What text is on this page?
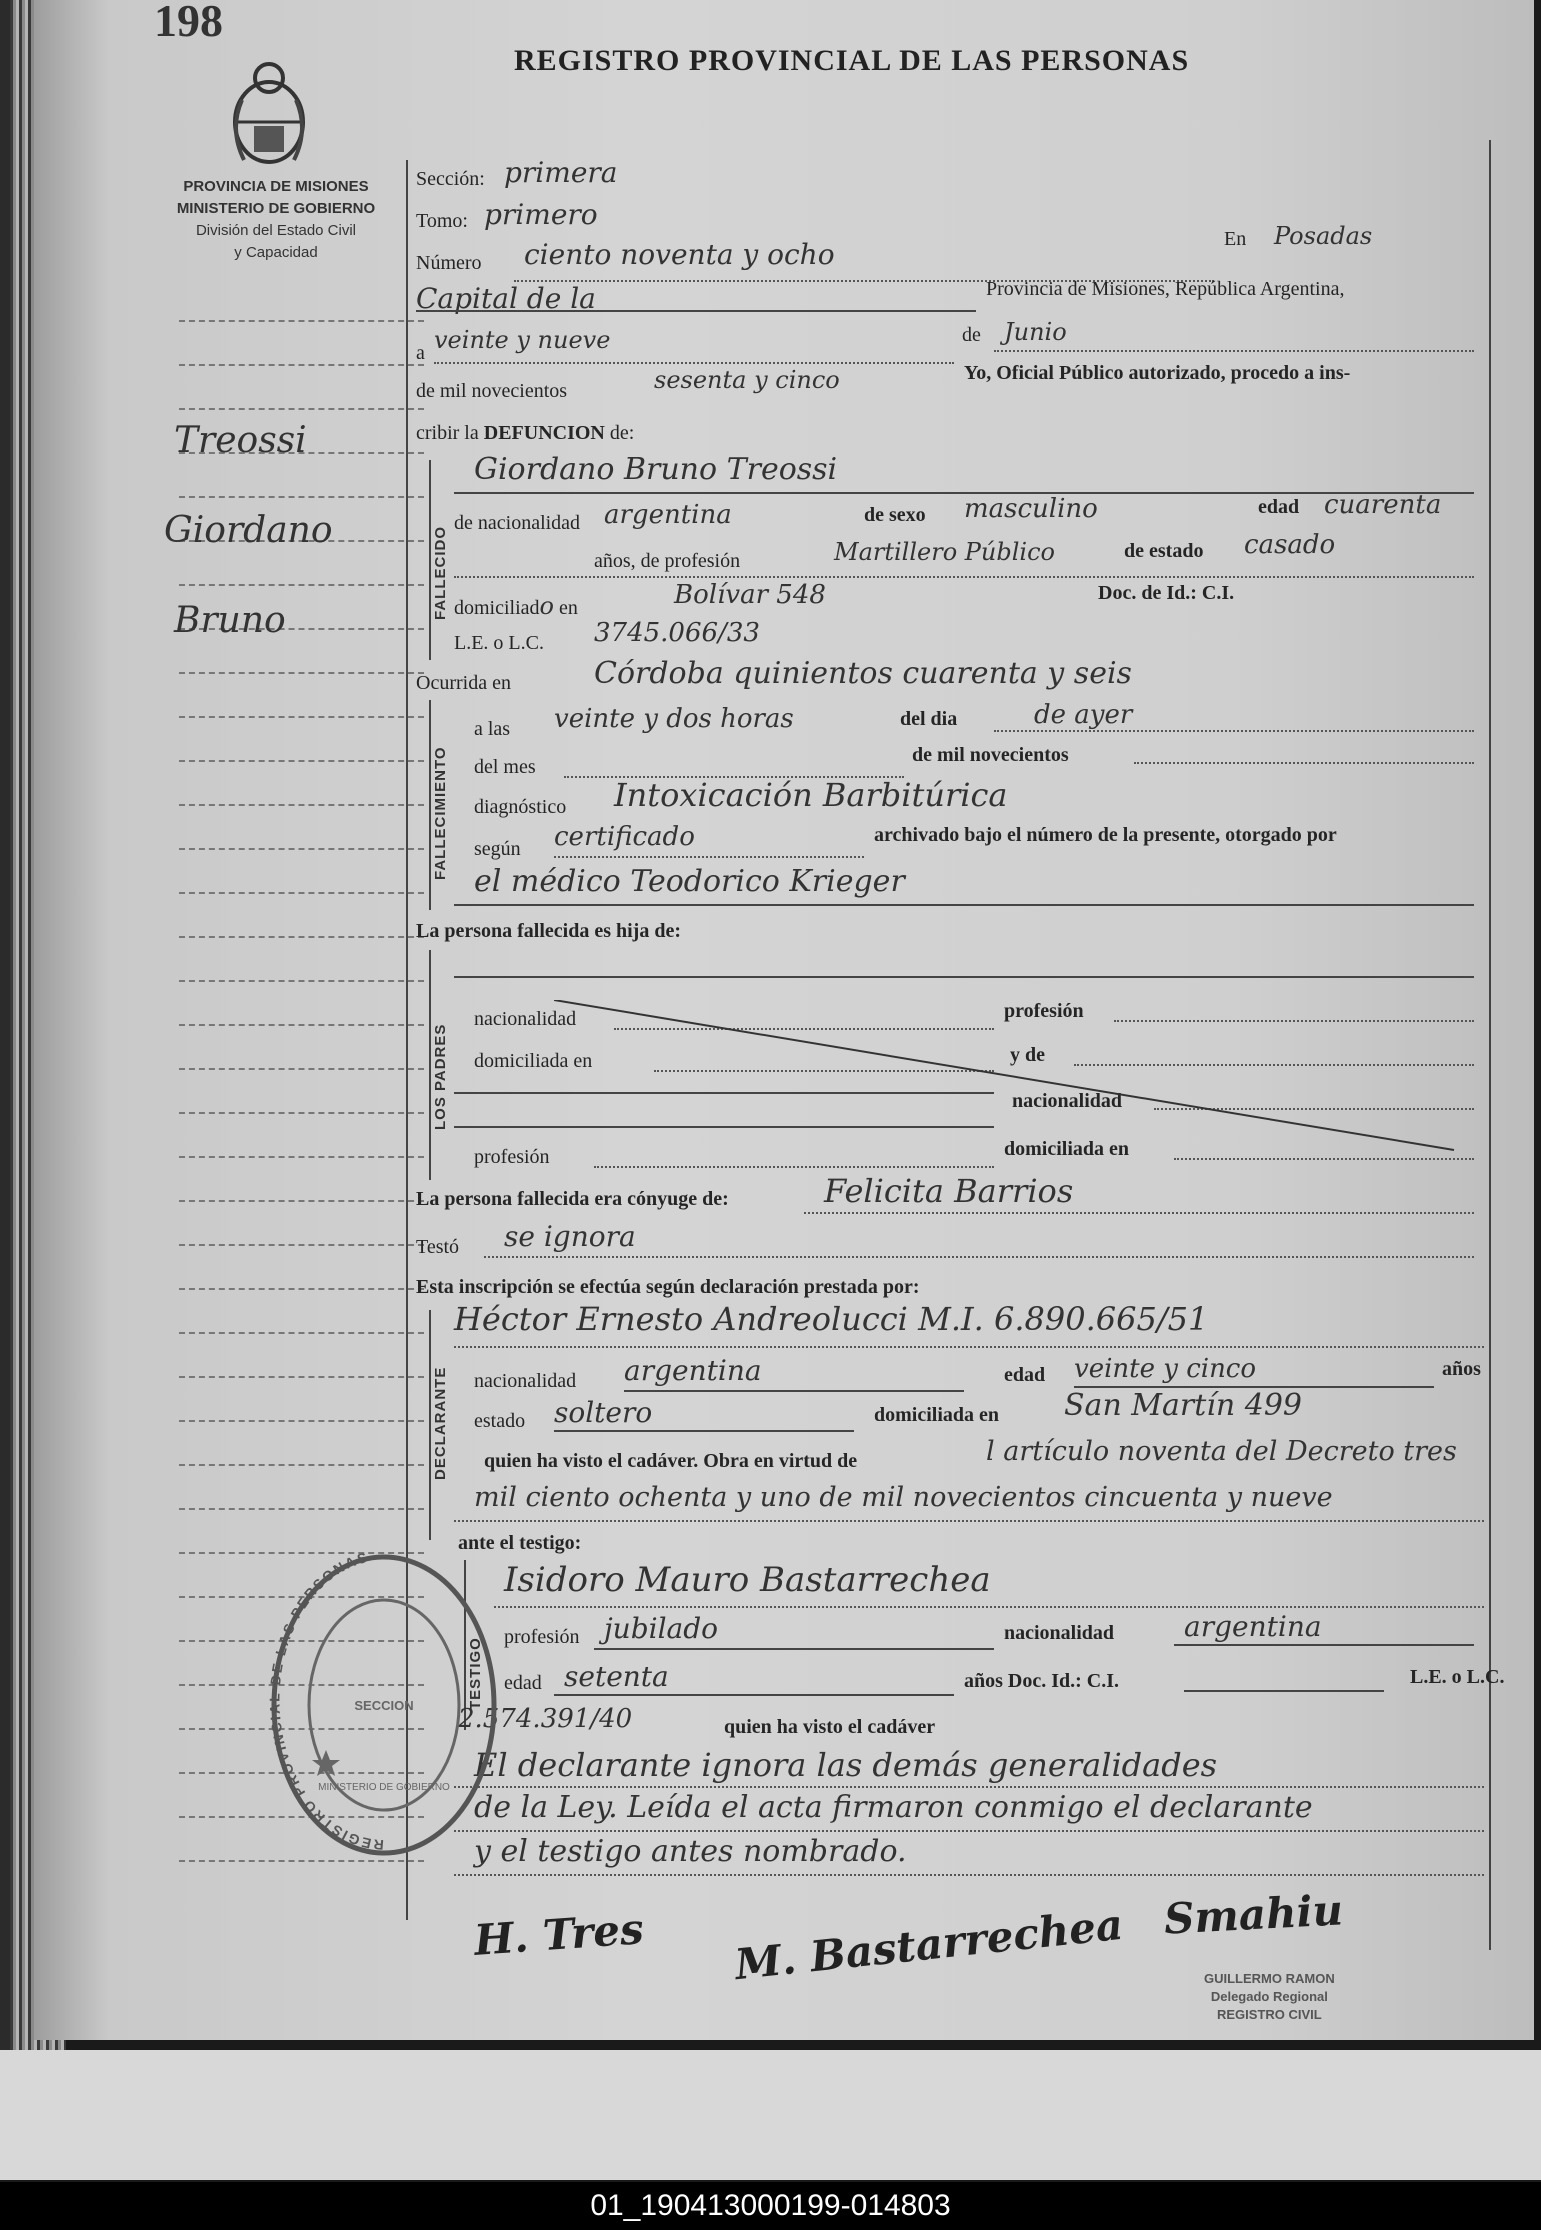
198
PROVINCIA DE MISIONES
MINISTERIO DE GOBIERNO
División del Estado Civil
y Capacidad
REGISTRO PROVINCIAL DE LAS PERSONAS
Treossi
Giordano
Bruno
Sección: primera
Tomo: primero
Número ciento noventa y ocho	En Posadas
Capital de la	Provincia de Misiones, República Argentina,
a veinte y nueve	de Junio
de mil novecientos	sesenta y cinco	Yo, Oficial Público autorizado, procedo a ins-
cribir la DEFUNCION de:
FALLECIDO
Giordano Bruno Treossi
de nacionalidad argentina	de sexo masculino	edad cuarenta
años, de profesión	Martillero Público	de estado casado
domiciliado en	Bolívar 548	Doc. de Id.: C.I.
L.E. o L.C. 3745.066/33
Ocurrida en	Córdoba quinientos cuarenta y seis
FALLECIMIENTO
a las veinte y dos horas	del dia	de ayer
del mes
de mil novecientos
diagnóstico Intoxicación Barbitúrica
según certificado	archivado bajo el número de la presente, otorgado por
el médico Teodorico Krieger
La persona fallecida es hija de:
LOS PADRES
nacionalidad	profesión
domiciliada en	y de
nacionalidad
profesión	domiciliada en
La persona fallecida era cónyuge de:	Felicita Barrios
Testó se ignora
Esta inscripción se efectúa según declaración prestada por:
DECLARANTE
Héctor Ernesto Andreolucci M.I. 6.890.665/51
nacionalidad argentina	edad veinte y cinco	años
estado soltero	domiciliada en San Martín 499
quien ha visto el cadáver. Obra en virtud de	l artículo noventa del Decreto tres
mil ciento ochenta y uno de mil novecientos cincuenta y nueve
ante el testigo:
TESTIGO
Isidoro Mauro Bastarrechea
profesión jubilado	nacionalidad argentina
edad setenta	años Doc. Id.: C.I.	L.E. o L.C.
2.574.391/40	quien ha visto el cadáver
El declarante ignora las demás generalidades
de la Ley. Leída el acta firmaron conmigo el declarante
y el testigo antes nombrado.
H. Tres M. Bastarrechea Smahiu
GUILLERMO RAMON
Delegado Regional
REGISTRO CIVIL
REGISTRO PROVINCIAL DE LAS PERSONAS
SECCION
MINISTERIO DE GOBIERNO
01_190413000199-014803
